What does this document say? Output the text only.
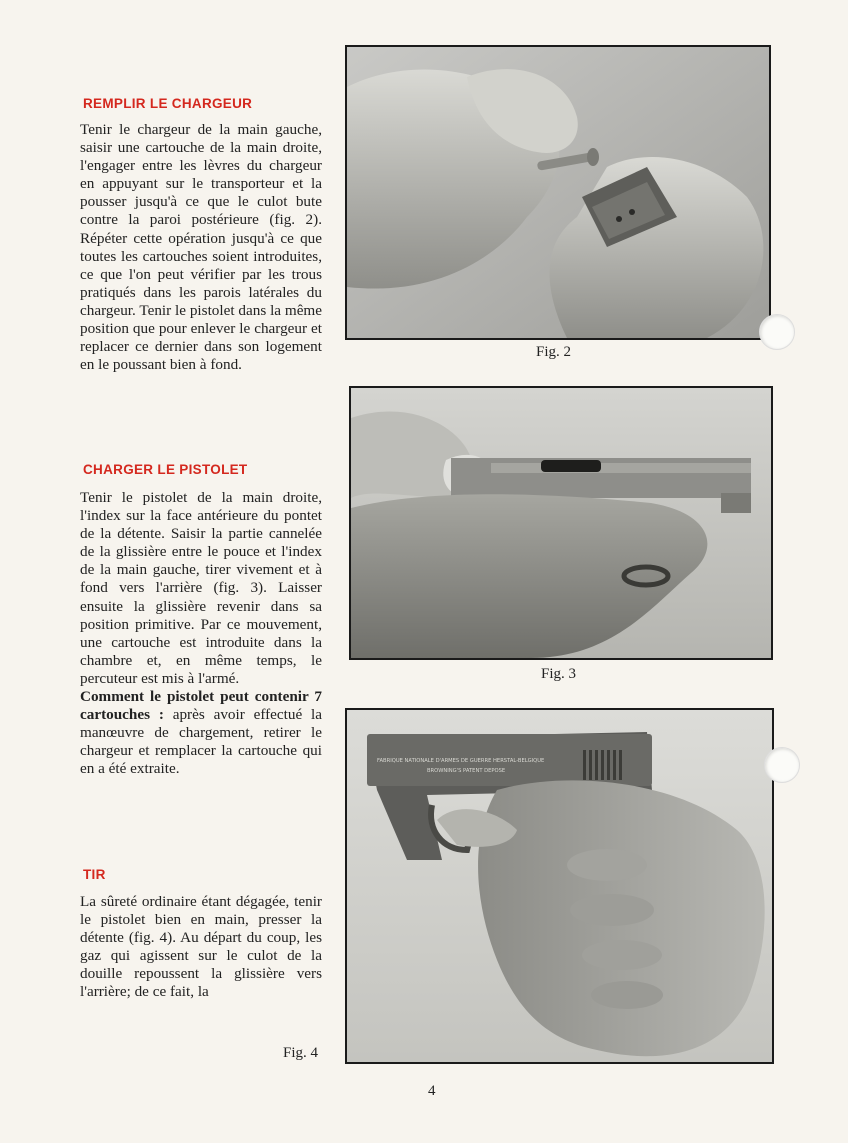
REMPLIR LE CHARGEUR

Tenir le chargeur de la main gauche, saisir une cartouche de la main droite, l'engager entre les lèvres du chargeur en appuyant sur le transporteur et la pousser jusqu'à ce que le culot bute contre la paroi postérieure (fig. 2). Répéter cette opération jusqu'à ce que toutes les cartouches soient introduites, ce que l'on peut vérifier par les trous pratiqués dans les parois latérales du chargeur. Tenir le pistolet dans la même position que pour enlever le chargeur et replacer ce dernier dans son logement en le poussant bien à fond.

CHARGER LE PISTOLET

Tenir le pistolet de la main droite, l'index sur la face antérieure du pontet de la détente. Saisir la partie cannelée de la glissière entre le pouce et l'index de la main gauche, tirer vivement et à fond vers l'arrière (fig. 3). Laisser ensuite la glissière revenir dans sa position primitive. Par ce mouvement, une cartouche est introduite dans la chambre et, en même temps, le percuteur est mis à l'armé.
Comment le pistolet peut contenir 7 cartouches : après avoir effectué la manœuvre de chargement, retirer le chargeur et remplacer la cartouche qui en a été extraite.

TIR

La sûreté ordinaire étant dégagée, tenir le pistolet bien en main, presser la détente (fig. 4). Au départ du coup, les gaz qui agissent sur le culot de la douille repoussent la glissière vers l'arrière; de ce fait, la

Fig. 2
Fig. 3
FABRIQUE NATIONALE D'ARMES DE GUERRE HERSTAL-BELGIQUE
BROWNING'S PATENT DEPOSE
Fig. 4
4
